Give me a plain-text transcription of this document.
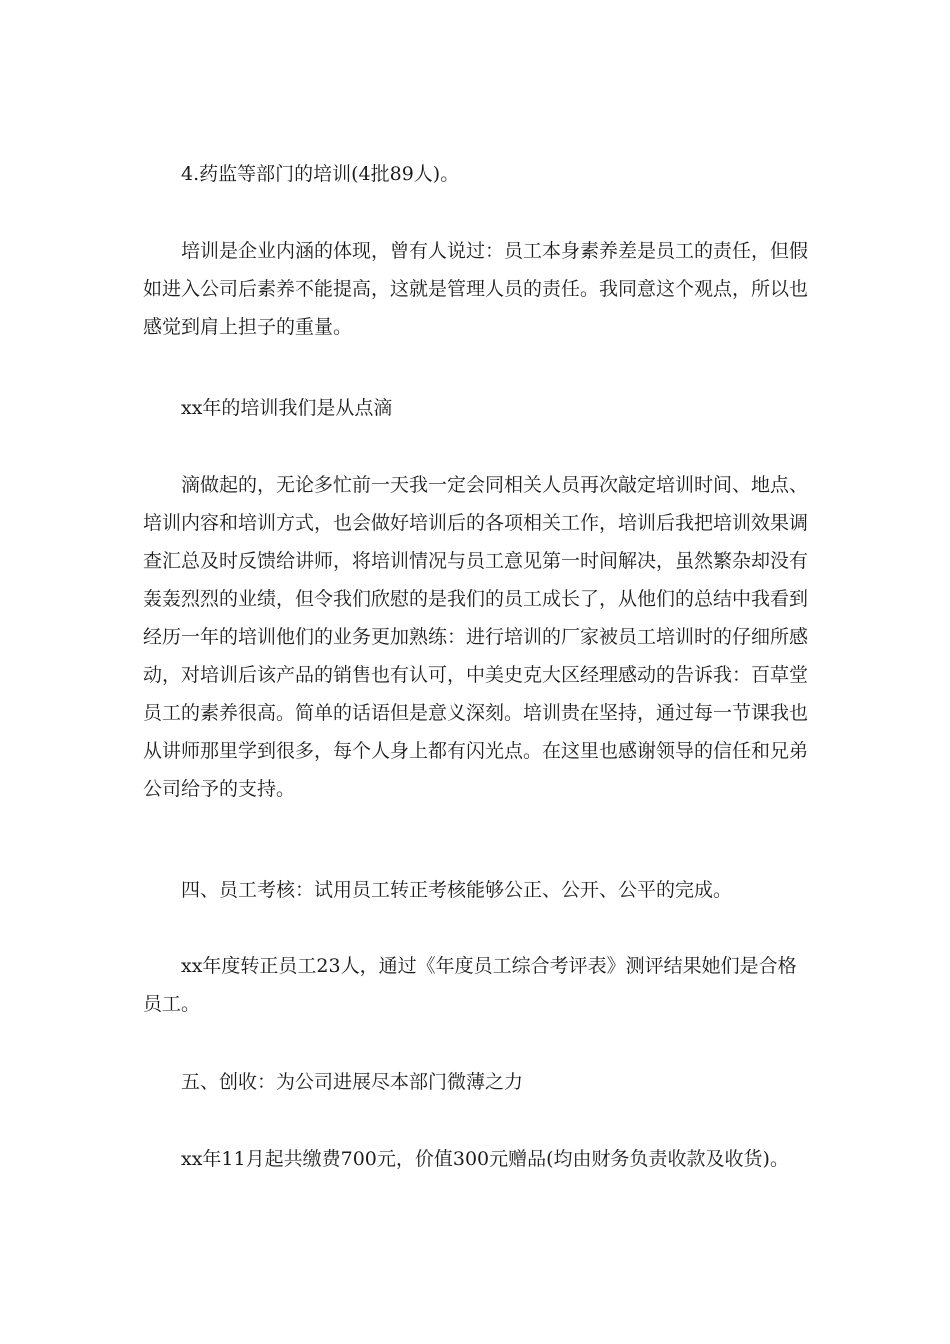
4.药监等部门的培训(4批89人)。

培训是企业内涵的体现，曾有人说过：员工本身素养差是员工的责任，但假如进入公司后素养不能提高，这就是管理人员的责任。我同意这个观点，所以也感觉到肩上担子的重量。

xx年的培训我们是从点滴

滴做起的，无论多忙前一天我一定会同相关人员再次敲定培训时间、地点、培训内容和培训方式，也会做好培训后的各项相关工作，培训后我把培训效果调查汇总及时反馈给讲师，将培训情况与员工意见第一时间解决，虽然繁杂却没有轰轰烈烈的业绩，但令我们欣慰的是我们的员工成长了，从他们的总结中我看到经历一年的培训他们的业务更加熟练：进行培训的厂家被员工培训时的仔细所感动，对培训后该产品的销售也有认可，中美史克大区经理感动的告诉我：百草堂员工的素养很高。简单的话语但是意义深刻。培训贵在坚持，通过每一节课我也从讲师那里学到很多，每个人身上都有闪光点。在这里也感谢领导的信任和兄弟公司给予的支持。

四、员工考核：试用员工转正考核能够公正、公开、公平的完成。

xx年度转正员工23人，通过《年度员工综合考评表》测评结果她们是合格员工。

五、创收：为公司进展尽本部门微薄之力

xx年11月起共缴费700元，价值300元赠品(均由财务负责收款及收货)。
